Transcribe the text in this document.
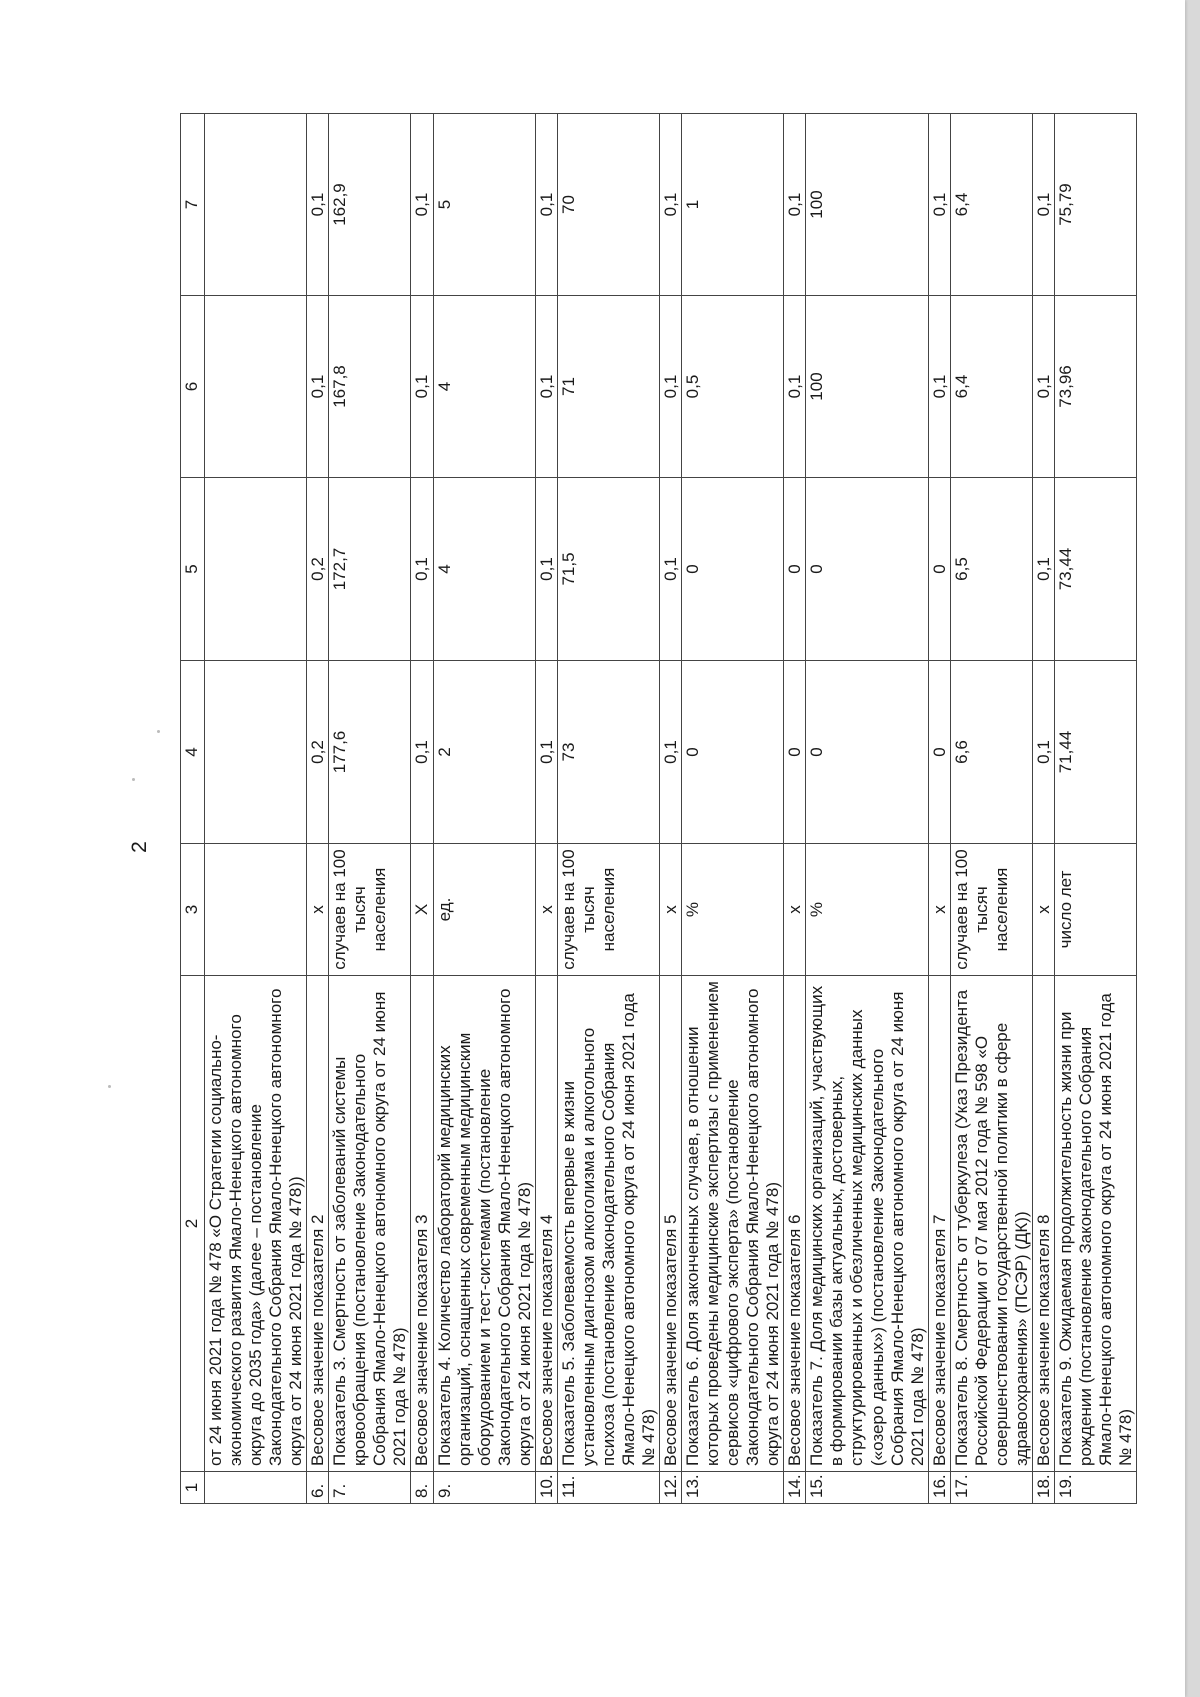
2
1	2	3	4	5	6	7
	от 24 июня 2021 года № 478 «О Стратегии социально-экономического развития Ямало-Ненецкого автономного округа до 2035 года» (далее – постановление Законодательного Собрания Ямало-Ненецкого автономного округа от 24 июня 2021 года № 478))					
6.	Весовое значение показателя 2	x	0,2	0,2	0,1	0,1
7.	Показатель 3. Смертность от заболеваний системы кровообращения (постановление Законодательного Собрания Ямало-Ненецкого автономного округа от 24 июня 2021 года № 478)	случаев на 100 тысяч населения	177,6	172,7	167,8	162,9
8.	Весовое значение показателя 3	X	0,1	0,1	0,1	0,1
9.	Показатель 4. Количество лабораторий медицинских организаций, оснащенных современным медицинским оборудованием и тест-системами (постановление Законодательного Собрания Ямало-Ненецкого автономного округа от 24 июня 2021 года № 478)	ед.	2	4	4	5
10.	Весовое значение показателя 4	x	0,1	0,1	0,1	0,1
11.	Показатель 5. Заболеваемость впервые в жизни установленным диагнозом алкоголизма и алкогольного психоза (постановление Законодательного Собрания Ямало-Ненецкого автономного округа от 24 июня 2021 года № 478)	случаев на 100 тысяч населения	73	71,5	71	70
12.	Весовое значение показателя 5	x	0,1	0,1	0,1	0,1
13.	Показатель 6. Доля законченных случаев, в отношении которых проведены медицинские экспертизы с применением сервисов «цифрового эксперта» (постановление Законодательного Собрания Ямало-Ненецкого автономного округа от 24 июня 2021 года № 478)	%	0	0	0,5	1
14.	Весовое значение показателя 6	x	0	0	0,1	0,1
15.	Показатель 7. Доля медицинских организаций, участвующих в формировании базы актуальных, достоверных, структурированных и обезличенных медицинских данных («озеро данных») (постановление Законодательного Собрания Ямало-Ненецкого автономного округа от 24 июня 2021 года № 478)	%	0	0	100	100
16.	Весовое значение показателя 7	x	0	0	0,1	0,1
17.	Показатель 8. Смертность от туберкулеза (Указ Президента Российской Федерации от 07 мая 2012 года № 598 «О совершенствовании государственной политики в сфере здравоохранения» (ПСЭР) (ДК))	случаев на 100 тысяч населения	6,6	6,5	6,4	6,4
18.	Весовое значение показателя 8	x	0,1	0,1	0,1	0,1
19.	Показатель 9. Ожидаемая продолжительность жизни при рождении (постановление Законодательного Собрания Ямало-Ненецкого автономного округа от 24 июня 2021 года № 478)	число лет	71,44	73,44	73,96	75,79
